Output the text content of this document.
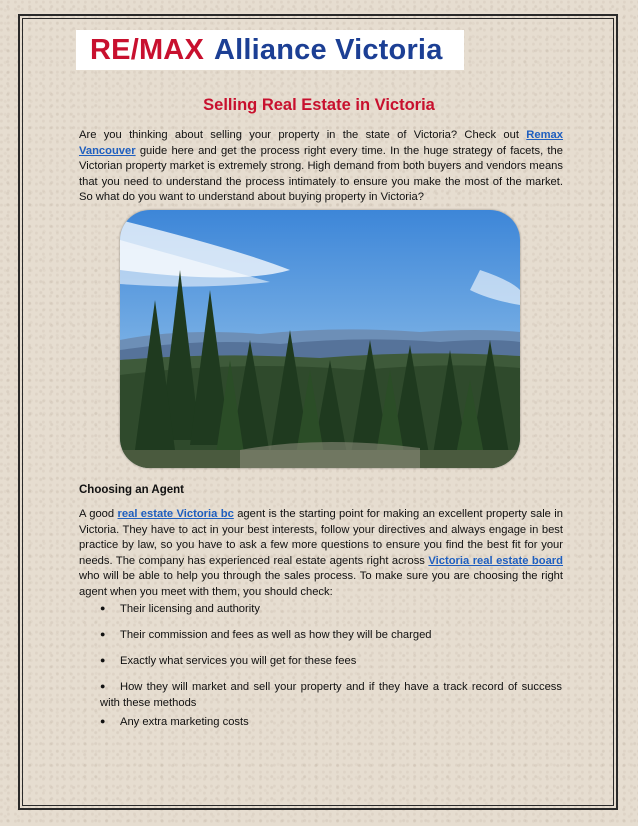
RE / MAX Alliance Victoria
Selling Real Estate in Victoria
Are you thinking about selling your property in the state of Victoria? Check out Remax Vancouver guide here and get the process right every time. In the huge strategy of facets, the Victorian property market is extremely strong. High demand from both buyers and vendors means that you need to understand the process intimately to ensure you make the most of the market. So what do you want to understand about buying property in Victoria?
Choosing an Agent
A good real estate Victoria bc agent is the starting point for making an excellent property sale in Victoria. They have to act in your best interests, follow your directives and always engage in best practice by law, so you have to ask a few more questions to ensure you find the best fit for your needs. The company has experienced real estate agents right across Victoria real estate board who will be able to help you through the sales process. To make sure you are choosing the right agent when you meet with them, you should check:
● Their licensing and authority
● Their commission and fees as well as how they will be charged
● Exactly what services you will get for these fees
● How they will market and sell your property and if they have a track record of success with these methods
● Any extra marketing costs
